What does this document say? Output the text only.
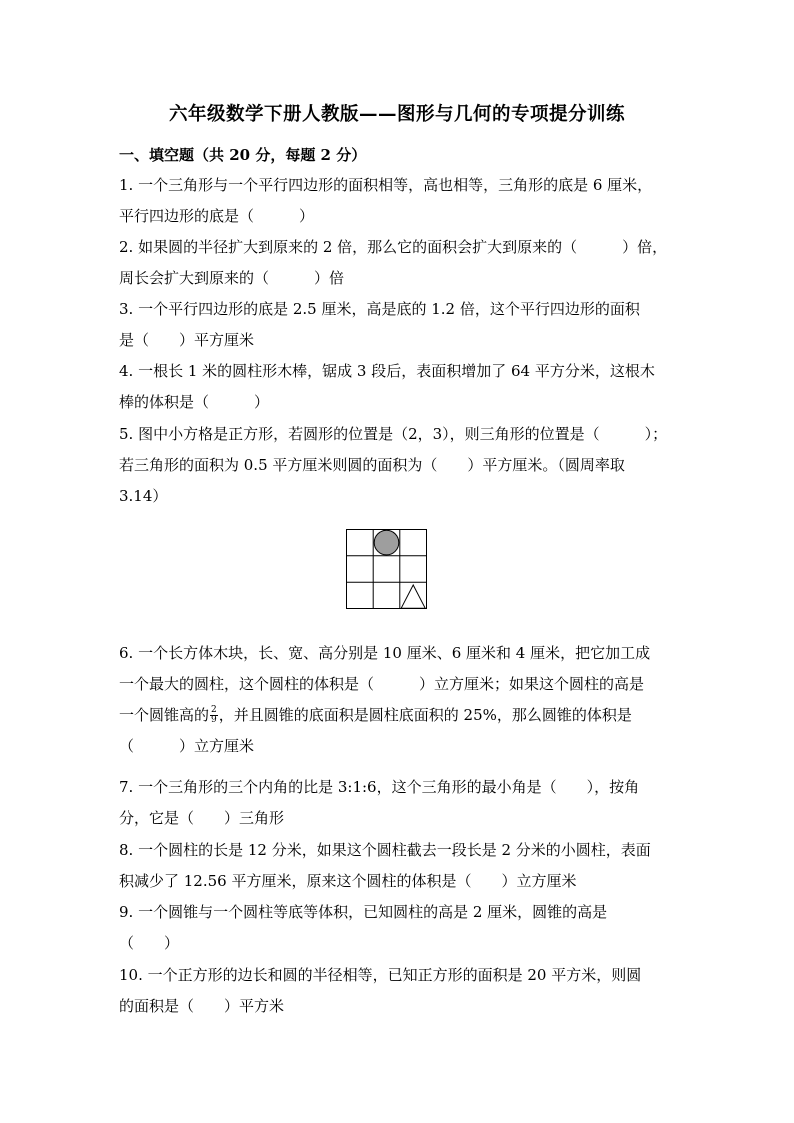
六年级数学下册人教版——图形与几何的专项提分训练
一、填空题（共 20 分，每题 2 分）
1. 一个三角形与一个平行四边形的面积相等，高也相等，三角形的底是 6 厘米，
平行四边形的底是（　　　）
2. 如果圆的半径扩大到原来的 2 倍，那么它的面积会扩大到原来的（　　　）倍，
周长会扩大到原来的（　　　）倍
3. 一个平行四边形的底是 2.5 厘米，高是底的 1.2 倍，这个平行四边形的面积
是（　　）平方厘米
4. 一根长 1 米的圆柱形木棒，锯成 3 段后，表面积增加了 64 平方分米，这根木
棒的体积是（　　　）
5. 图中小方格是正方形，若圆形的位置是（2，3），则三角形的位置是（　　　）；
若三角形的面积为 0.5 平方厘米则圆的面积为（　　）平方厘米。（圆周率取
3.14）
6. 一个长方体木块，长、宽、高分别是 10 厘米、6 厘米和 4 厘米，把它加工成
一个最大的圆柱，这个圆柱的体积是（　　　）立方厘米；如果这个圆柱的高是
一个圆锥高的 $\frac{2}{9}$ ，并且圆锥的底面积是圆柱底面积的 25%，那么圆锥的体积是
（　　　）立方厘米
7. 一个三角形的三个内角的比是 3:1:6，这个三角形的最小角是（　　），按角
分，它是（　　）三角形
8. 一个圆柱的长是 12 分米，如果这个圆柱截去一段长是 2 分米的小圆柱，表面
积减少了 12.56 平方厘米，原来这个圆柱的体积是（　　）立方厘米
9. 一个圆锥与一个圆柱等底等体积，已知圆柱的高是 2 厘米，圆锥的高是
（　　）
10. 一个正方形的边长和圆的半径相等，已知正方形的面积是 20 平方米，则圆
的面积是（　　）平方米
